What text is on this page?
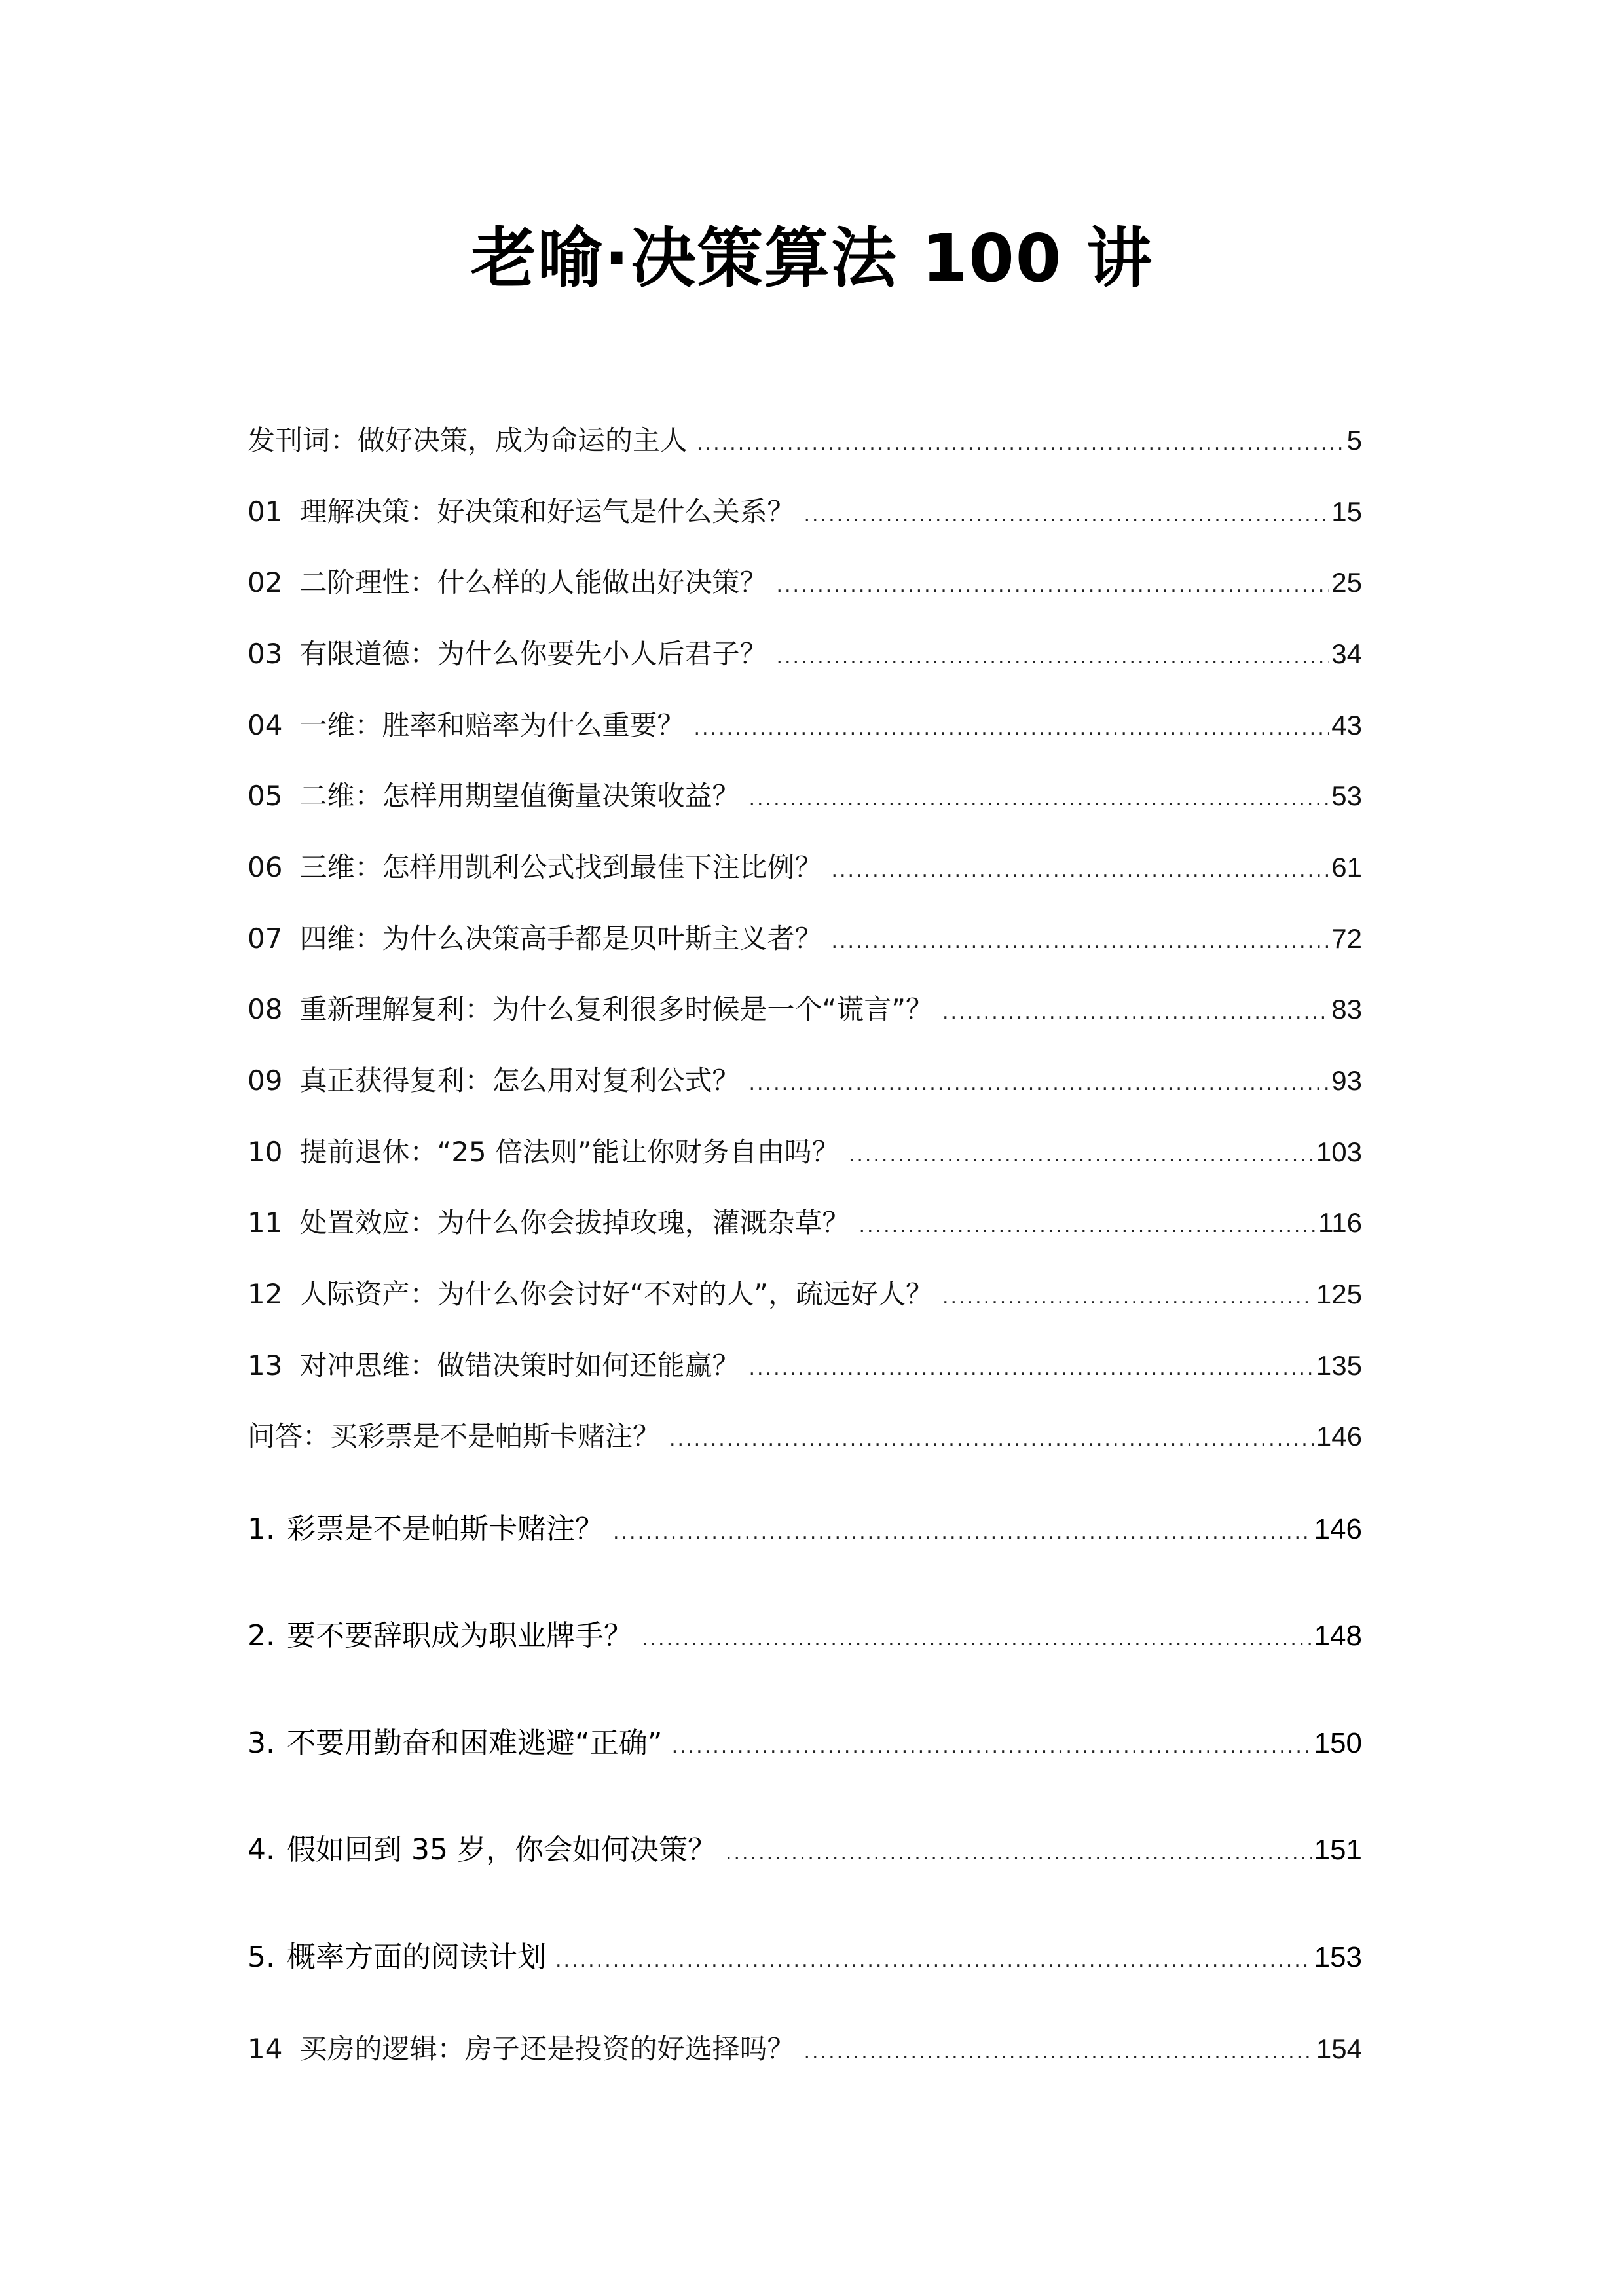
老喻·决策算法 100 讲
发刊词：做好决策，成为命运的主人 .....	5
01 理解决策：好决策和好运气是什么关系？ .....	15
02 二阶理性：什么样的人能做出好决策？ .....	25
03 有限道德：为什么你要先小人后君子？ .....	34
04 一维：胜率和赔率为什么重要？ .....	43
05 二维：怎样用期望值衡量决策收益？ .....	53
06 三维：怎样用凯利公式找到最佳下注比例？ .....	61
07 四维：为什么决策高手都是贝叶斯主义者？ .....	72
08 重新理解复利：为什么复利很多时候是一个“谎言”？ .....	83
09 真正获得复利：怎么用对复利公式？ .....	93
10 提前退休：“25 倍法则”能让你财务自由吗？ .....	103
11 处置效应：为什么你会拔掉玫瑰，灌溉杂草？ .....	116
12 人际资产：为什么你会讨好“不对的人”，疏远好人？ .....	125
13 对冲思维：做错决策时如何还能赢？ .....	135
问答：买彩票是不是帕斯卡赌注？ .....	146
1. 彩票是不是帕斯卡赌注？ .....	146
2. 要不要辞职成为职业牌手？ .....	148
3. 不要用勤奋和困难逃避“正确” .....	150
4. 假如回到 35 岁，你会如何决策？ .....	151
5. 概率方面的阅读计划 .....	153
14 买房的逻辑：房子还是投资的好选择吗？ .....	154
